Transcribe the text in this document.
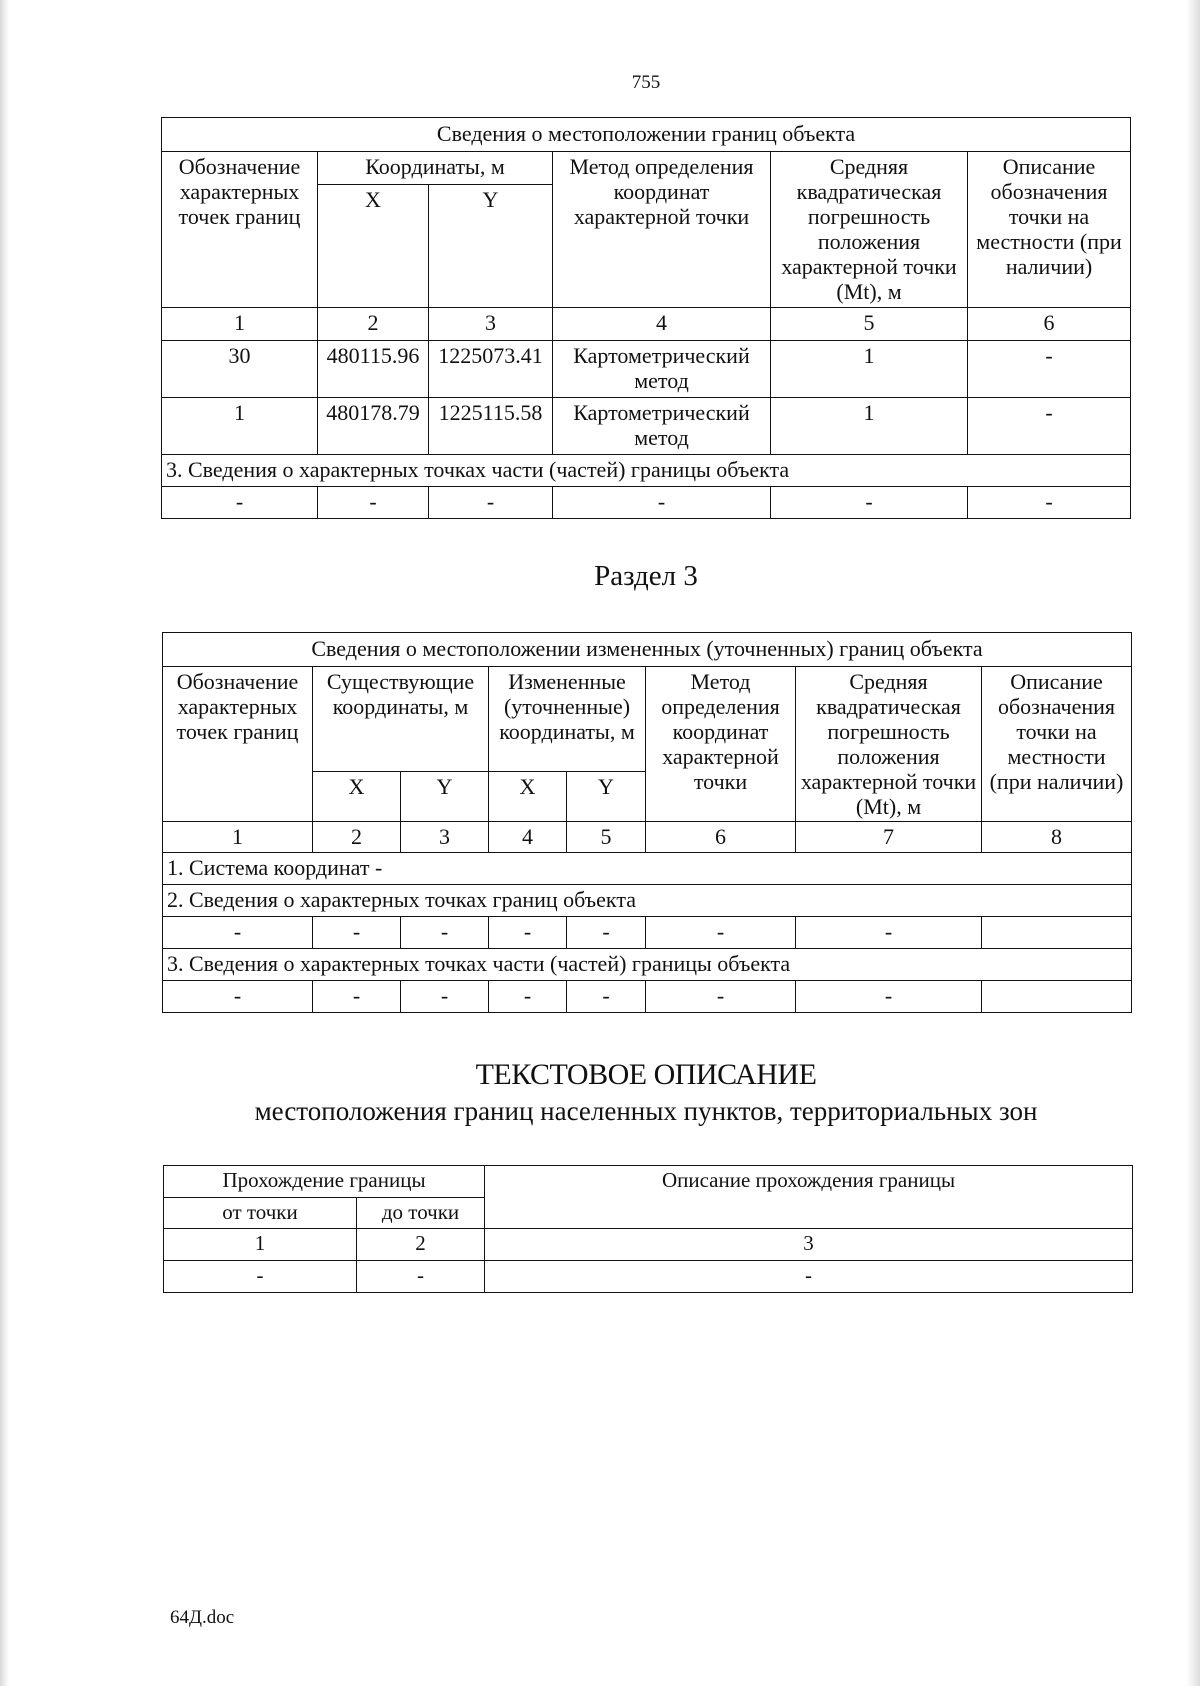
755
Сведения о местоположении границ объекта					
Обозначение характерных точек границ	Координаты, м		Метод определения координат характерной точки	Средняя квадратическая погрешность положения характерной точки (Mt), м	Описание обозначения точки на местности (при наличии)
	X	Y			
1	2	3	4	5	6
30	480115.96	1225073.41	Картометрический метод	1	-
1	480178.79	1225115.58	Картометрический метод	1	-
3. Сведения о характерных точках части (частей) границы объекта					
-	-	-	-	-	-
Раздел 3
Сведения о местоположении измененных (уточненных) границ объекта							
Обозначение характерных точек границ	Существующие координаты, м		Измененные (уточненные) координаты, м		Метод определения координат характерной точки	Средняя квадратическая погрешность положения характерной точки (Mt), м	Описание обозначения точки на местности (при наличии)
	X	Y	X	Y			
1	2	3	4	5	6	7	8
1. Система координат -							
2. Сведения о характерных точках границ объекта							
-	-	-	-	-	-	-	
3. Сведения о характерных точках части (частей) границы объекта							
-	-	-	-	-	-	-	
ТЕКСТОВОЕ ОПИСАНИЕ
местоположения границ населенных пунктов, территориальных зон
Прохождение границы		Описание прохождения границы
от точки	до точки	
1	2	3
-	-	-
64Д.doc
